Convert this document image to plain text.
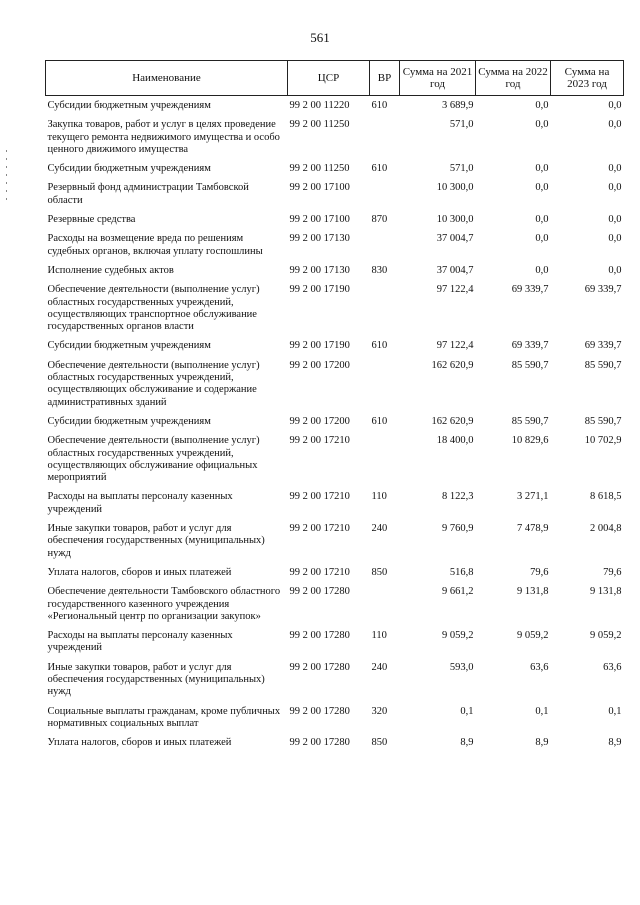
561
Наименование	ЦСР	ВР	Сумма на 2021 год	Сумма на 2022 год	Сумма на 2023 год
Субсидии бюджетным учреждениям	99 2 00 11220	610	3 689,9	0,0	0,0
Закупка товаров, работ и услуг в целях проведение текущего ремонта недвижимого имущества и особо ценного движимого имущества	99 2 00 11250		571,0	0,0	0,0
Субсидии бюджетным учреждениям	99 2 00 11250	610	571,0	0,0	0,0
Резервный фонд администрации Тамбовской области	99 2 00 17100		10 300,0	0,0	0,0
Резервные средства	99 2 00 17100	870	10 300,0	0,0	0,0
Расходы на возмещение вреда по решениям судебных органов, включая уплату госпошлины	99 2 00 17130		37 004,7	0,0	0,0
Исполнение судебных актов	99 2 00 17130	830	37 004,7	0,0	0,0
Обеспечение деятельности (выполнение услуг) областных государственных учреждений, осуществляющих транспортное обслуживание государственных органов власти	99 2 00 17190		97 122,4	69 339,7	69 339,7
Субсидии бюджетным учреждениям	99 2 00 17190	610	97 122,4	69 339,7	69 339,7
Обеспечение деятельности (выполнение услуг) областных государственных учреждений, осуществляющих обслуживание и содержание административных зданий	99 2 00 17200		162 620,9	85 590,7	85 590,7
Субсидии бюджетным учреждениям	99 2 00 17200	610	162 620,9	85 590,7	85 590,7
Обеспечение деятельности (выполнение услуг) областных государственных учреждений, осуществляющих обслуживание официальных мероприятий	99 2 00 17210		18 400,0	10 829,6	10 702,9
Расходы на выплаты персоналу казенных учреждений	99 2 00 17210	110	8 122,3	3 271,1	8 618,5
Иные закупки товаров, работ и услуг для обеспечения государственных (муниципальных) нужд	99 2 00 17210	240	9 760,9	7 478,9	2 004,8
Уплата налогов, сборов и иных платежей	99 2 00 17210	850	516,8	79,6	79,6
Обеспечение деятельности Тамбовского областного государственного казенного учреждения «Региональный центр по организации закупок»	99 2 00 17280		9 661,2	9 131,8	9 131,8
Расходы на выплаты персоналу казенных учреждений	99 2 00 17280	110	9 059,2	9 059,2	9 059,2
Иные закупки товаров, работ и услуг для обеспечения государственных (муниципальных) нужд	99 2 00 17280	240	593,0	63,6	63,6
Социальные выплаты гражданам, кроме публичных нормативных социальных выплат	99 2 00 17280	320	0,1	0,1	0,1
Уплата налогов, сборов и иных платежей	99 2 00 17280	850	8,9	8,9	8,9
